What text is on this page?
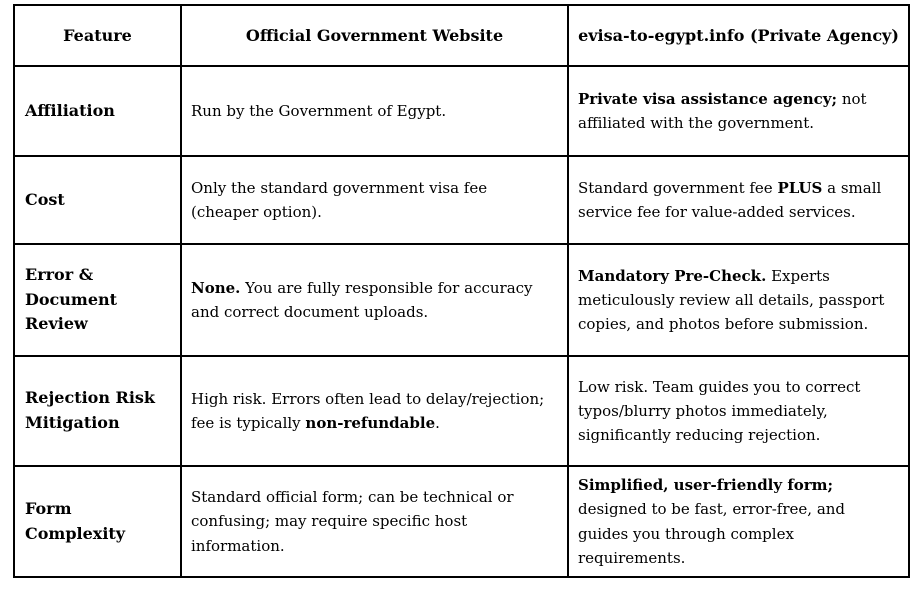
Feature	Official Government Website	evisa-to-egypt.info (Private Agency)
Affiliation	Run by the Government of Egypt.	Private visa assistance agency; not affiliated with the government.
Cost	Only the standard government visa fee (cheaper option).	Standard government fee PLUS a small service fee for value-added services.
Error & Document Review	None. You are fully responsible for accuracy and correct document uploads.	Mandatory Pre-Check. Experts meticulously review all details, passport copies, and photos before submission.
Rejection Risk Mitigation	High risk. Errors often lead to delay/rejection; fee is typically non-refundable.	Low risk. Team guides you to correct typos/blurry photos immediately, significantly reducing rejection.
Form Complexity	Standard official form; can be technical or confusing; may require specific host information.	Simplified, user-friendly form; designed to be fast, error-free, and guides you through complex requirements.
